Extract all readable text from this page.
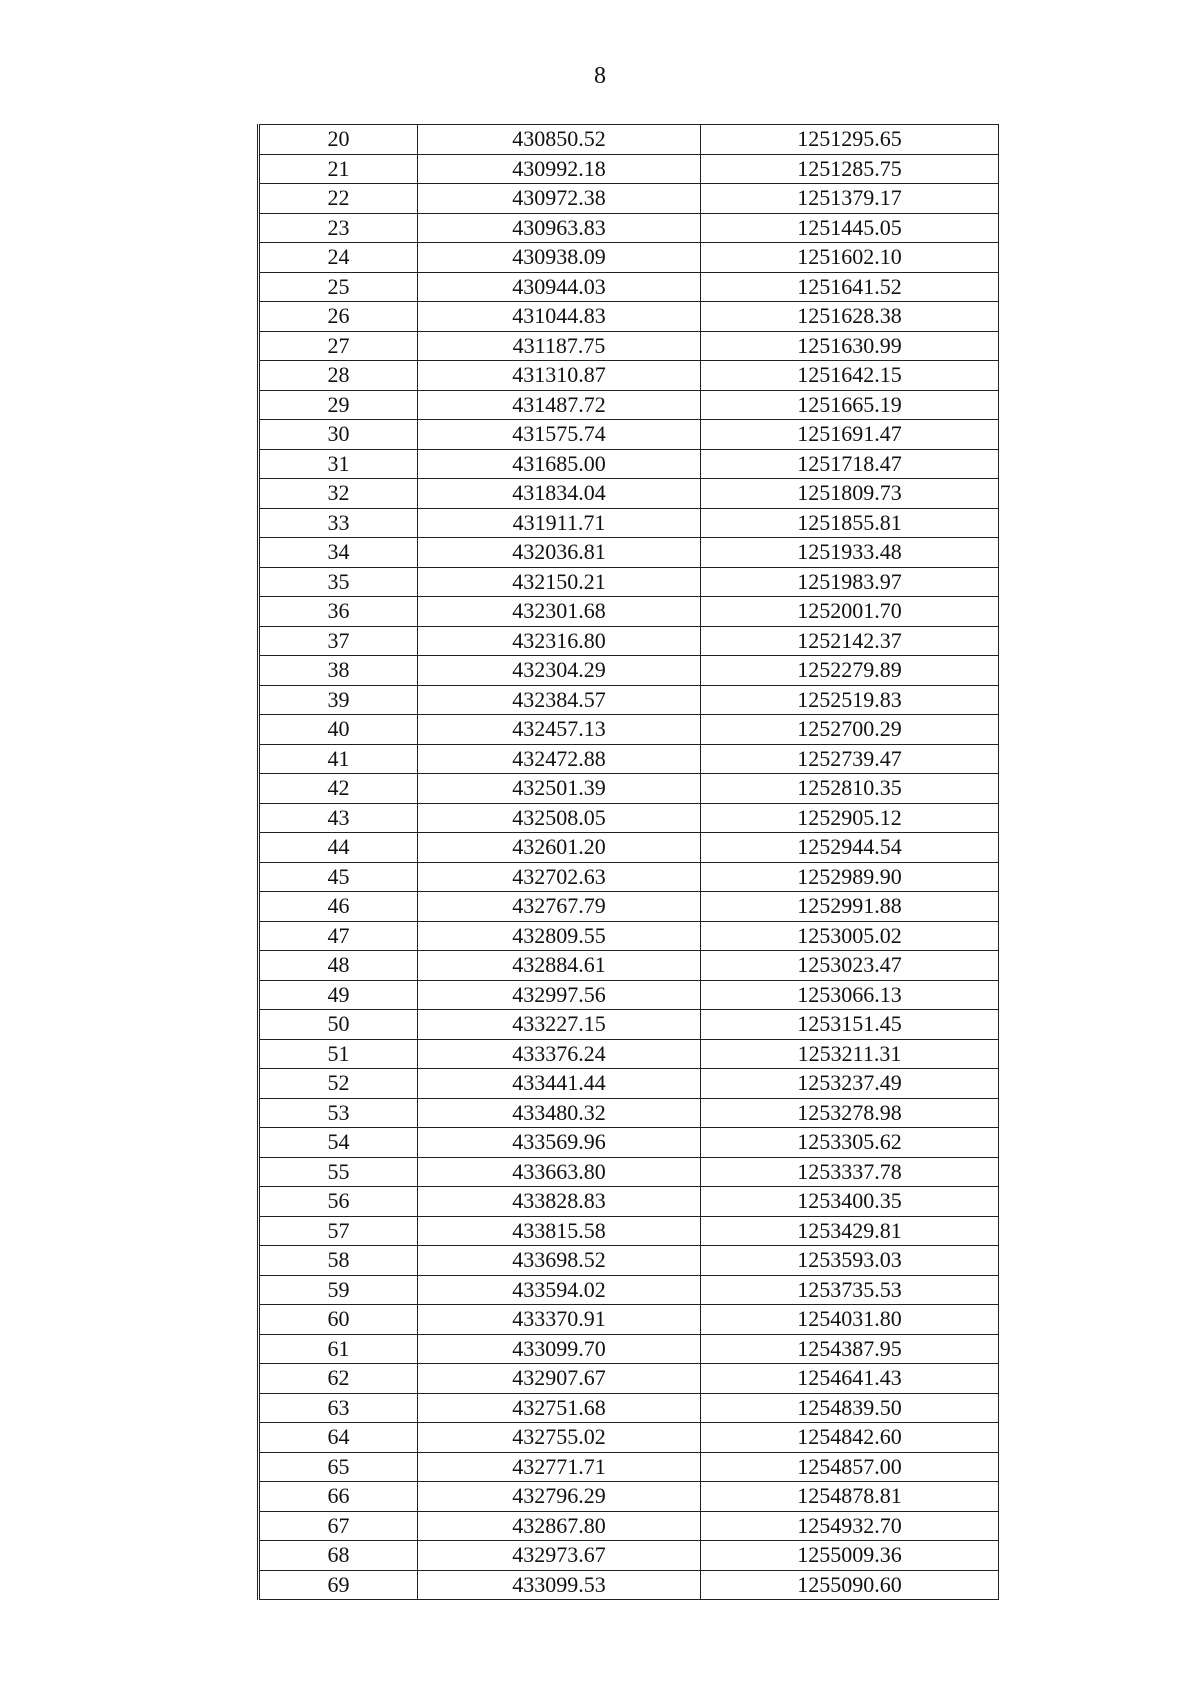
8
20	430850.52	1251295.65
21	430992.18	1251285.75
22	430972.38	1251379.17
23	430963.83	1251445.05
24	430938.09	1251602.10
25	430944.03	1251641.52
26	431044.83	1251628.38
27	431187.75	1251630.99
28	431310.87	1251642.15
29	431487.72	1251665.19
30	431575.74	1251691.47
31	431685.00	1251718.47
32	431834.04	1251809.73
33	431911.71	1251855.81
34	432036.81	1251933.48
35	432150.21	1251983.97
36	432301.68	1252001.70
37	432316.80	1252142.37
38	432304.29	1252279.89
39	432384.57	1252519.83
40	432457.13	1252700.29
41	432472.88	1252739.47
42	432501.39	1252810.35
43	432508.05	1252905.12
44	432601.20	1252944.54
45	432702.63	1252989.90
46	432767.79	1252991.88
47	432809.55	1253005.02
48	432884.61	1253023.47
49	432997.56	1253066.13
50	433227.15	1253151.45
51	433376.24	1253211.31
52	433441.44	1253237.49
53	433480.32	1253278.98
54	433569.96	1253305.62
55	433663.80	1253337.78
56	433828.83	1253400.35
57	433815.58	1253429.81
58	433698.52	1253593.03
59	433594.02	1253735.53
60	433370.91	1254031.80
61	433099.70	1254387.95
62	432907.67	1254641.43
63	432751.68	1254839.50
64	432755.02	1254842.60
65	432771.71	1254857.00
66	432796.29	1254878.81
67	432867.80	1254932.70
68	432973.67	1255009.36
69	433099.53	1255090.60
